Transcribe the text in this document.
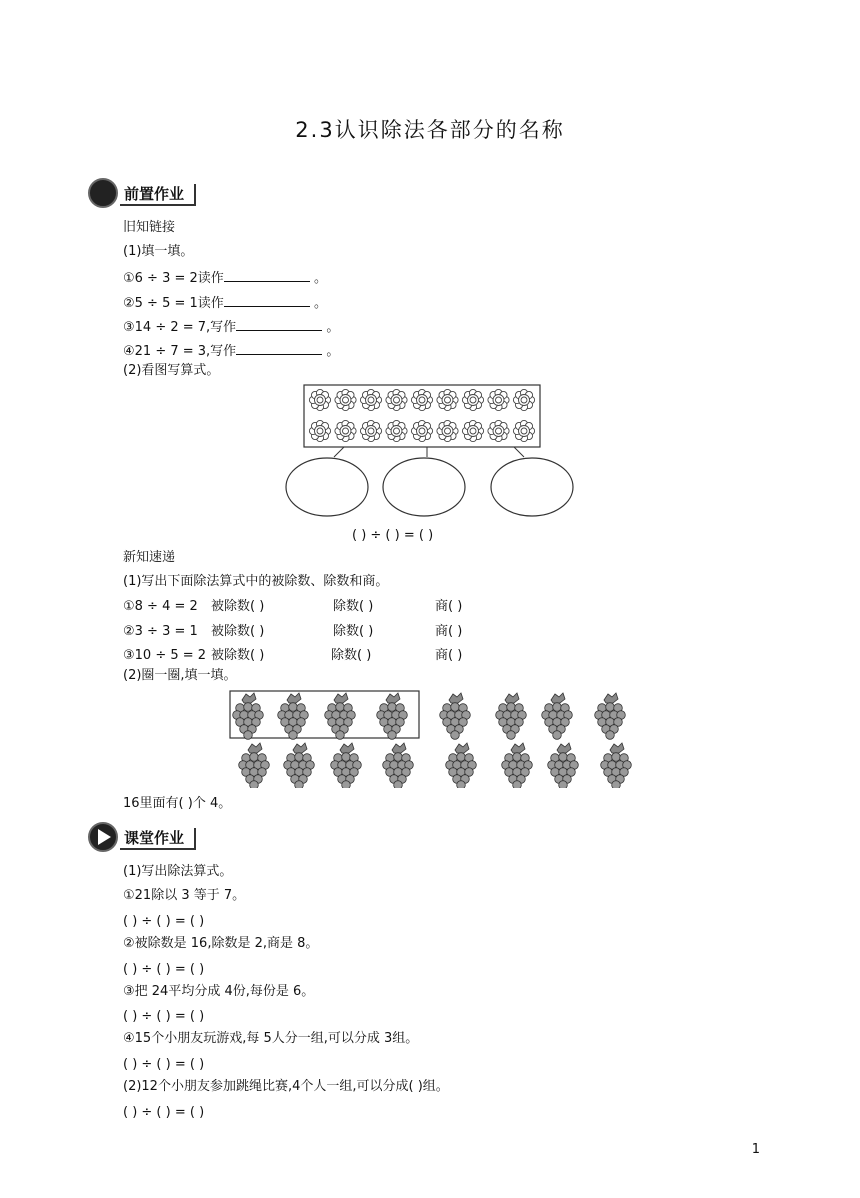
2.3认识除法各部分的名称
前置作业
旧知链接
(1)填一填。
①6 ÷ 3 = 2读作	。
②5 ÷ 5 = 1读作	。
③14 ÷ 2 = 7,写作	。
④21 ÷ 7 = 3,写作	。
(2)看图写算式。
( ) ÷ ( ) = ( )
新知速递
(1)写出下面除法算式中的被除数、除数和商。
①8 ÷ 4 = 2 被除数( )	除数( )	商( )
②3 ÷ 3 = 1 被除数( )	除数( )	商( )
③10 ÷ 5 = 2 被除数( )	除数( )	商( )
(2)圈一圈,填一填。
16里面有( )个 4。
课堂作业
(1)写出除法算式。
①21除以 3 等于 7。
( ) ÷ ( ) = ( )
②被除数是 16,除数是 2,商是 8。
( ) ÷ ( ) = ( )
③把 24平均分成 4份,每份是 6。
( ) ÷ ( ) = ( )
④15个小朋友玩游戏,每 5人分一组,可以分成 3组。
( ) ÷ ( ) = ( )
(2)12个小朋友参加跳绳比赛,4个人一组,可以分成( )组。
( ) ÷ ( ) = ( )
1
